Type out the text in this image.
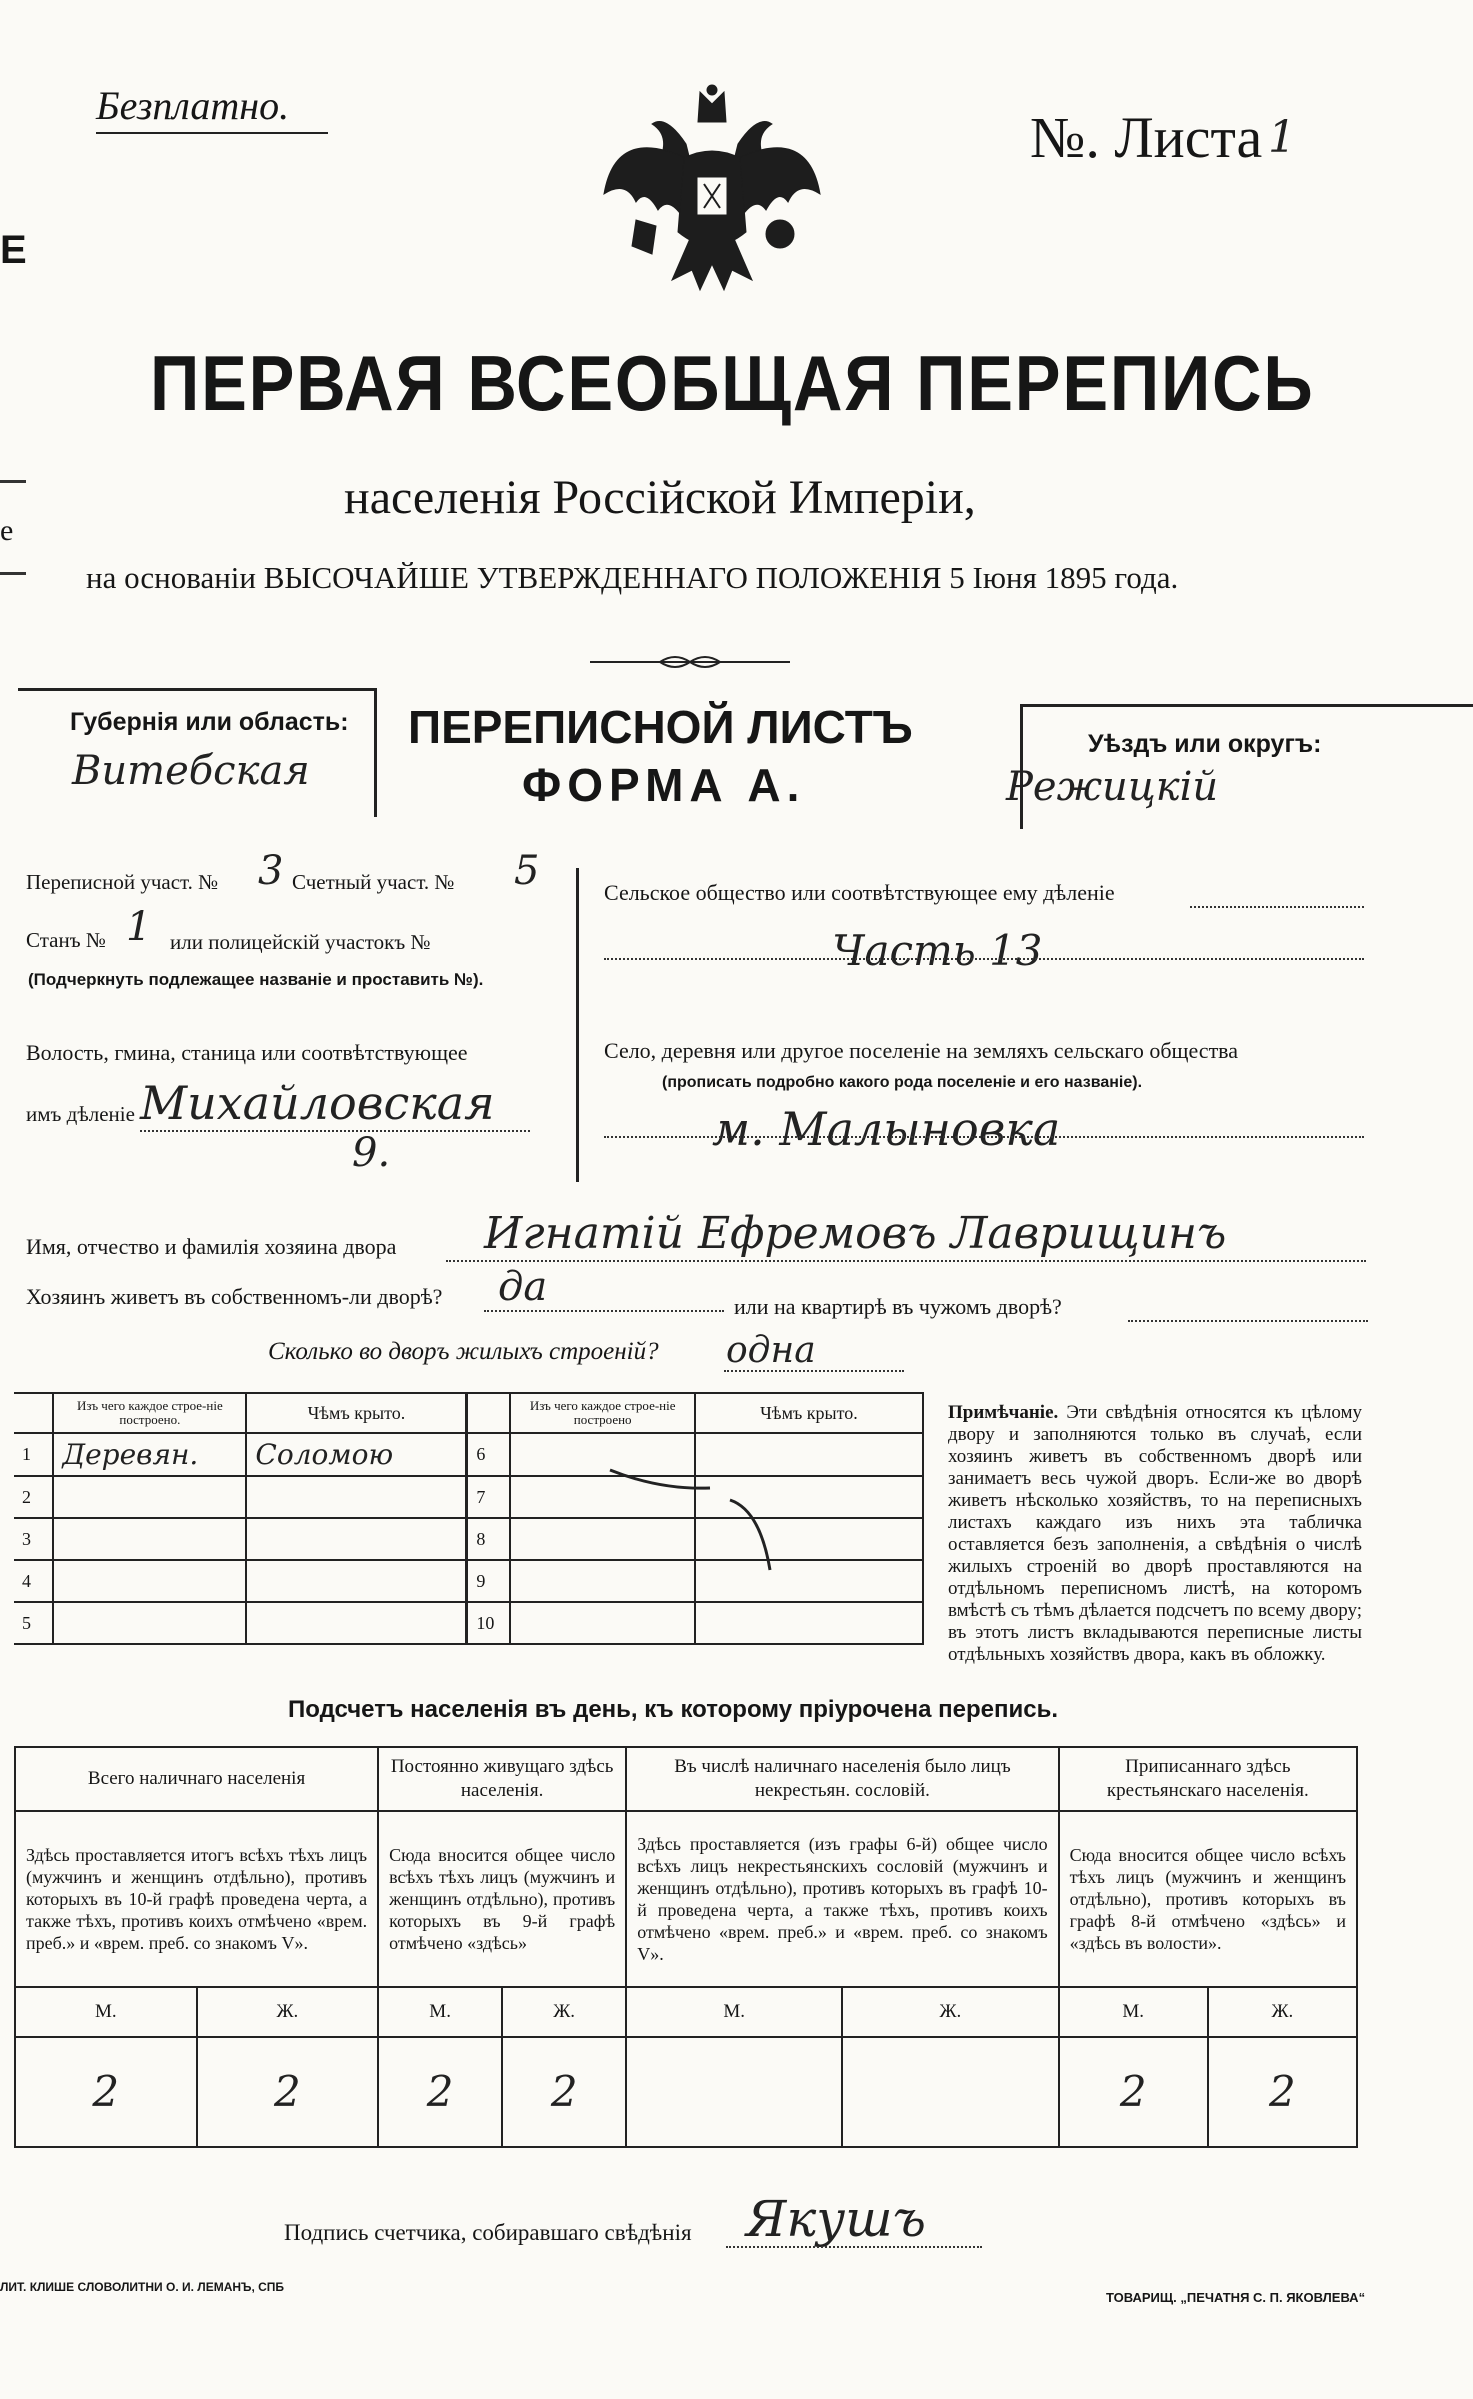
Е
е
Безплатно.	№. Листа 1
ПЕРВАЯ ВСЕОБЩАЯ ПЕРЕПИСЬ
населенія Россійской Имперіи,
на основаніи ВЫСОЧАЙШЕ УТВЕРЖДЕННАГО ПОЛОЖЕНІЯ 5 Іюня 1895 года.
Губернія или область:
Витебская
ПЕРЕПИСНОЙ ЛИСТЪ
ФОРМА А.
Уѣздъ или округъ:
Режицкій
Переписной участ. № 3 Счетный участ. № 5
Станъ № 1 или полицейскій участокъ №
(Подчеркнуть подлежащее названіе и проставить №).
Волость, гмина, станица или соотвѣтствующее
имъ дѣленіе Михайловская
9.
Сельское общество или соотвѣтствующее ему дѣленіе
Часть 13
Село, деревня или другое поселеніе на земляхъ сельскаго общества
(прописать подробно какого рода поселеніе и его названіе).
м. Малыновка
Имя, отчество и фамилія хозяина двора Игнатій Ефремовъ Лаврищинъ
Хозяинъ живетъ въ собственномъ-ли дворѣ? да	или на квартирѣ въ чужомъ дворѣ?
Сколько во дворъ жилыхъ строеній? одна
	Изъ чего каждое строе-ніе построено.	Чѣмъ крыто.		Изъ чего каждое строе-ніе построено	Чѣмъ крыто.
1	Деревян.	Соломою	6		
2			7		
3			8		
4			9		
5			10		
Примѣчаніе. Эти свѣдѣнія относятся къ цѣлому двору и заполняются только въ случаѣ, если хозяинъ живетъ въ собственномъ дворѣ или занимаетъ весь чужой дворъ. Если-же во дворѣ живетъ нѣсколько хозяйствъ, то на переписныхъ листахъ каждаго изъ нихъ эта табличка оставляется безъ заполненія, а свѣдѣнія о числѣ жилыхъ строеній во дворѣ проставляются на отдѣльномъ переписномъ листѣ, на которомъ вмѣстѣ съ тѣмъ дѣлается подсчетъ по всему двору; въ этотъ листъ вкладываются переписные листы отдѣльныхъ хозяйствъ двора, какъ въ обложку.
Подсчетъ населенія въ день, къ которому пріурочена перепись.
Всего наличнаго населенія		Постоянно живущаго здѣсь населенія.		Въ числѣ наличнаго населенія было лицъ некрестьян. сословій.		Приписаннаго здѣсь крестьянскаго населенія.	
Здѣсь проставляется итогъ всѣхъ тѣхъ лицъ (мужчинъ и женщинъ отдѣльно), противъ которыхъ въ 10-й графѣ проведена черта, а также тѣхъ, противъ коихъ отмѣчено «врем. преб.» и «врем. преб. со знакомъ V».		Сюда вносится общее число всѣхъ тѣхъ лицъ (мужчинъ и женщинъ отдѣльно), противъ которыхъ въ 9-й графѣ отмѣчено «здѣсь»		Здѣсь проставляется (изъ графы 6-й) общее число всѣхъ лицъ некрестьянскихъ сословій (мужчинъ и женщинъ отдѣльно), противъ которыхъ въ графѣ 10-й проведена черта, а также тѣхъ, противъ коихъ отмѣчено «врем. преб.» и «врем. преб. со знакомъ V».		Сюда вносится общее число всѣхъ тѣхъ лицъ (мужчинъ и женщинъ отдѣльно), противъ которыхъ въ графѣ 8-й отмѣчено «здѣсь» и «здѣсь въ волости».	
М.	Ж.	М.	Ж.	М.	Ж.	М.	Ж.
2	2	2	2			2	2
Подпись счетчика, собиравшаго свѣдѣнія Якушъ
ЛИТ. КЛИШЕ СЛОВОЛИТНИ О. И. ЛЕМАНЪ, СПБ
ТОВАРИЩ. „ПЕЧАТНЯ С. П. ЯКОВЛЕВА“
